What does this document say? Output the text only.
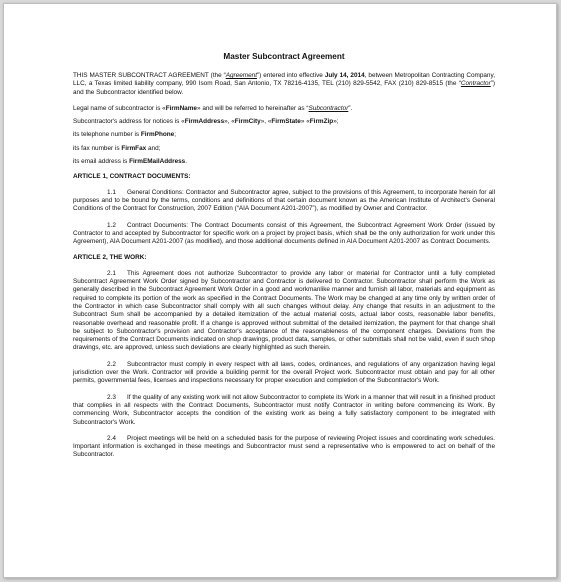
Master Subcontract Agreement

THIS MASTER SUBCONTRACT AGREEMENT (the “Agreement”) entered into effective July 14, 2014, between Metropolitan Contracting Company, LLC, a Texas limited liability company, 990 Isom Road, San Antonio, TX 78216-4135, TEL (210) 829-5542, FAX (210) 829-8515 (the “Contractor”) and the Subcontractor identified below.

Legal name of subcontractor is «FirmName» and will be referred to hereinafter as “Subcontractor”.

Subcontractor's address for notices is «FirmAddress», «FirmCity», «FirmState» «FirmZip»;

its telephone number is FirmPhone;

its fax number is FirmFax and;

its email address is FirmEMailAddress.

ARTICLE 1, CONTRACT DOCUMENTS:

1.1 General Conditions: Contractor and Subcontractor agree, subject to the provisions of this Agreement, to incorporate herein for all purposes and to be bound by the terms, conditions and definitions of that certain document known as the American Institute of Architect's General Conditions of the Contract for Construction, 2007 Edition (“AIA Document A201-2007”), as modified by Owner and Contractor.

1.2 Contract Documents: The Contract Documents consist of this Agreement, the Subcontract Agreement Work Order (issued by Contractor to and accepted by Subcontractor for specific work on a project by project basis, which shall be the only authorization for work under this Agreement), AIA Document A201-2007 (as modified), and those additional documents defined in AIA Document A201-2007 as Contract Documents.

ARTICLE 2, THE WORK:

2.1 This Agreement does not authorize Subcontractor to provide any labor or material for Contractor until a fully completed Subcontract Agreement Work Order signed by Subcontractor and Contractor is delivered to Contractor. Subcontractor shall perform the Work as generally described in the Subcontract Agreement Work Order in a good and workmanlike manner and furnish all labor, materials and equipment as required to complete its portion of the work as specified in the Contract Documents. The Work may be changed at any time only by written order of the Contractor in which case Subcontractor shall comply with all such changes without delay. Any change that results in an adjustment to the Subcontract Sum shall be accompanied by a detailed itemization of the actual material costs, actual labor costs, reasonable labor benefits, reasonable overhead and reasonable profit. If a change is approved without submittal of the detailed itemization, the payment for that change shall be subject to Subcontractor's provision and Contractor's acceptance of the reasonableness of the component charges. Deviations from the requirements of the Contract Documents indicated on shop drawings, product data, samples, or other submittals shall not be valid, even if such shop drawings, etc. are approved, unless such deviations are clearly highlighted as such therein.

2.2 Subcontractor must comply in every respect with all laws, codes, ordinances, and regulations of any organization having legal jurisdiction over the Work. Contractor will provide a building permit for the overall Project work. Subcontractor must obtain and pay for all other permits, governmental fees, licenses and inspections necessary for proper execution and completion of the Subcontractor's Work.

2.3 If the quality of any existing work will not allow Subcontractor to complete its Work in a manner that will result in a finished product that complies in all respects with the Contract Documents, Subcontractor must notify Contractor in writing before commencing its Work. By commencing Work, Subcontractor accepts the condition of the existing work as being a fully satisfactory component to be integrated with Subcontractor's Work.

2.4 Project meetings will be held on a scheduled basis for the purpose of reviewing Project issues and coordinating work schedules. Important information is exchanged in these meetings and Subcontractor must send a representative who is empowered to act on behalf of the Subcontractor.
